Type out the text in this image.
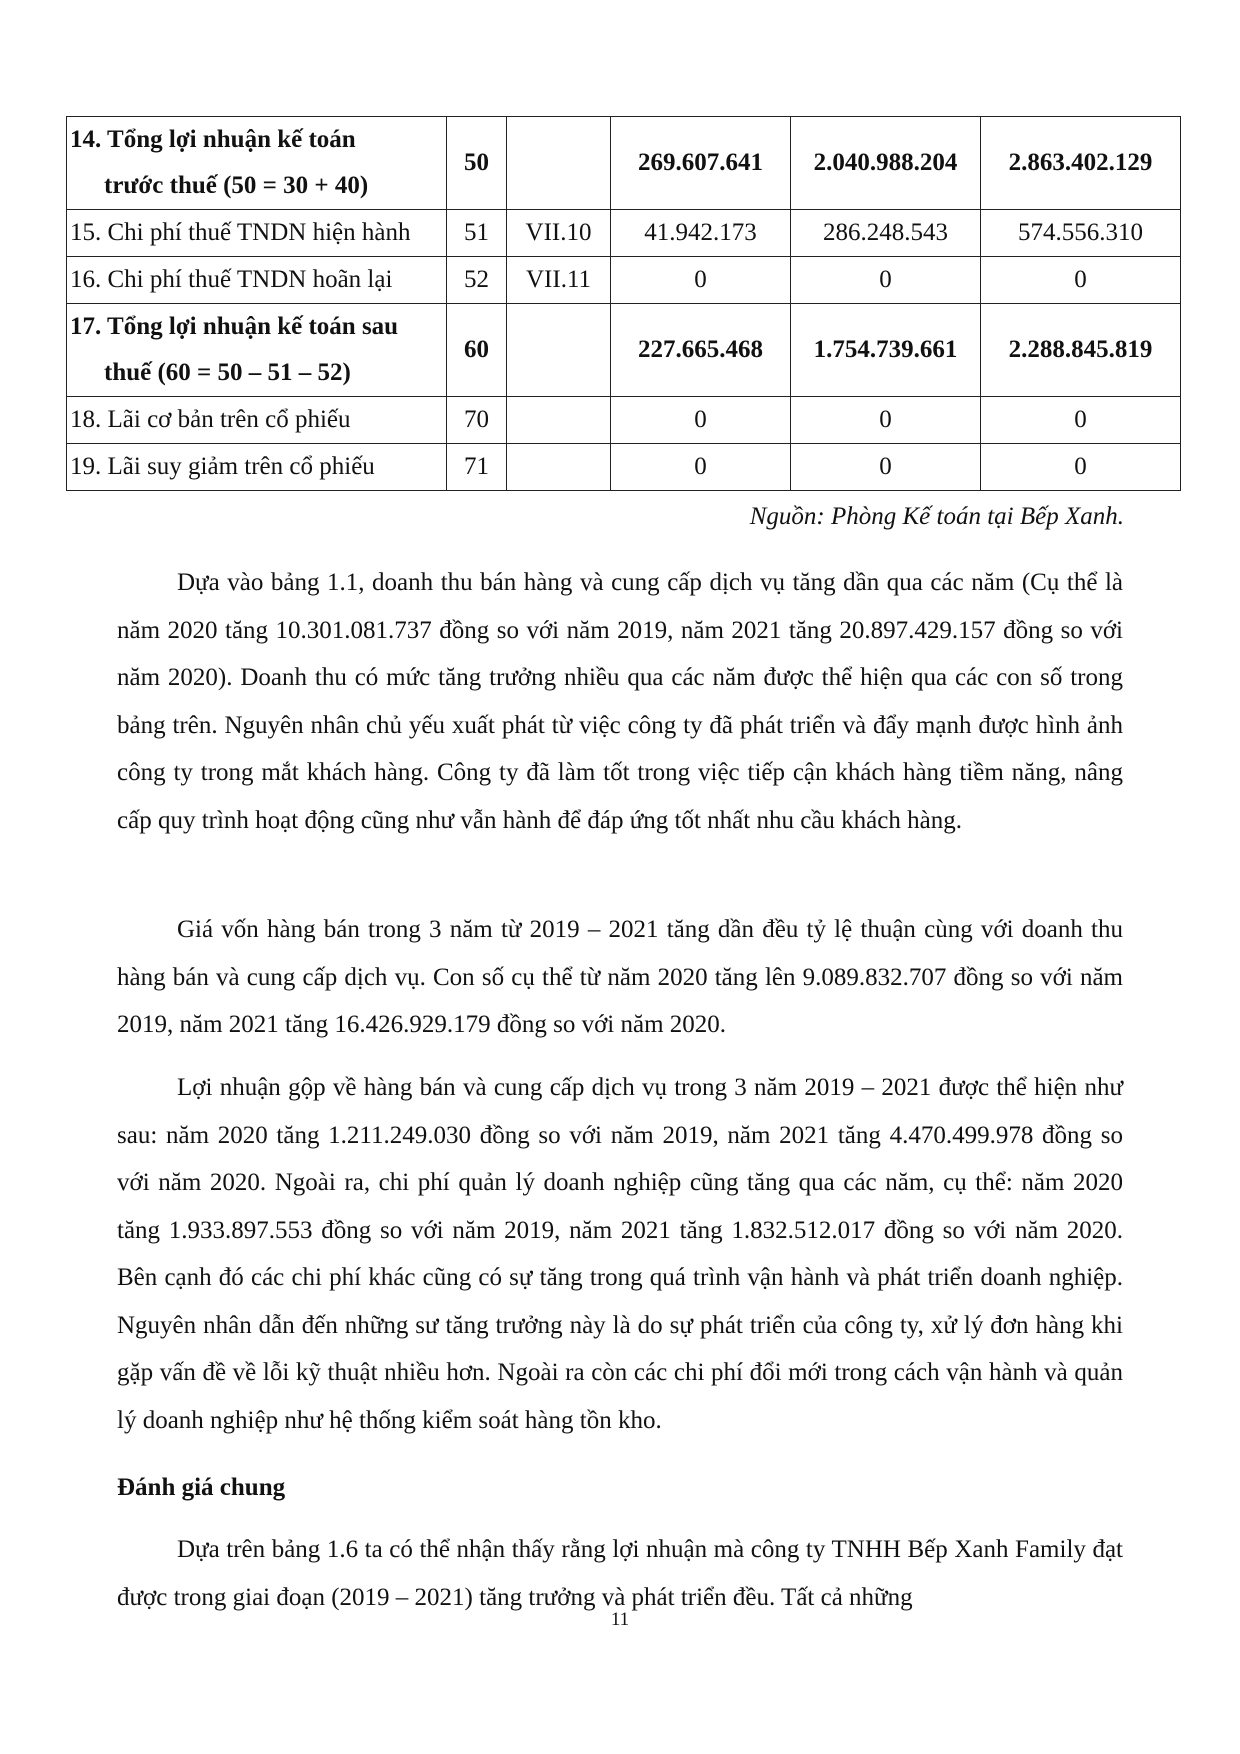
14. Tổng lợi nhuận kế toán
trước thuế (50 = 30 + 40)	50		269.607.641	2.040.988.204	2.863.402.129
15. Chi phí thuế TNDN hiện hành	51	VII.10	41.942.173	286.248.543	574.556.310
16. Chi phí thuế TNDN hoãn lại	52	VII.11	0	0	0
17. Tổng lợi nhuận kế toán sau
thuế (60 = 50 – 51 – 52)	60		227.665.468	1.754.739.661	2.288.845.819
18. Lãi cơ bản trên cổ phiếu	70		0	0	0
19. Lãi suy giảm trên cổ phiếu	71		0	0	0
Nguồn: Phòng Kế toán tại Bếp Xanh.

Dựa vào bảng 1.1, doanh thu bán hàng và cung cấp dịch vụ tăng dần qua các năm (Cụ thể là năm 2020 tăng 10.301.081.737 đồng so với năm 2019, năm 2021 tăng 20.897.429.157 đồng so với năm 2020). Doanh thu có mức tăng trưởng nhiều qua các năm được thể hiện qua các con số trong bảng trên. Nguyên nhân chủ yếu xuất phát từ việc công ty đã phát triển và đẩy mạnh được hình ảnh công ty trong mắt khách hàng. Công ty đã làm tốt trong việc tiếp cận khách hàng tiềm năng, nâng cấp quy trình hoạt động cũng như vẫn hành để đáp ứng tốt nhất nhu cầu khách hàng.

Giá vốn hàng bán trong 3 năm từ 2019 – 2021 tăng dần đều tỷ lệ thuận cùng với doanh thu hàng bán và cung cấp dịch vụ. Con số cụ thể từ năm 2020 tăng lên 9.089.832.707 đồng so với năm 2019, năm 2021 tăng 16.426.929.179 đồng so với năm 2020.

Lợi nhuận gộp về hàng bán và cung cấp dịch vụ trong 3 năm 2019 – 2021 được thể hiện như sau: năm 2020 tăng 1.211.249.030 đồng so với năm 2019, năm 2021 tăng 4.470.499.978 đồng so với năm 2020. Ngoài ra, chi phí quản lý doanh nghiệp cũng tăng qua các năm, cụ thể: năm 2020 tăng 1.933.897.553 đồng so với năm 2019, năm 2021 tăng 1.832.512.017 đồng so với năm 2020. Bên cạnh đó các chi phí khác cũng có sự tăng trong quá trình vận hành và phát triển doanh nghiệp. Nguyên nhân dẫn đến những sư tăng trưởng này là do sự phát triển của công ty, xử lý đơn hàng khi gặp vấn đề về lỗi kỹ thuật nhiều hơn. Ngoài ra còn các chi phí đổi mới trong cách vận hành và quản lý doanh nghiệp như hệ thống kiểm soát hàng tồn kho.

Đánh giá chung

Dựa trên bảng 1.6 ta có thể nhận thấy rằng lợi nhuận mà công ty TNHH Bếp Xanh Family đạt được trong giai đoạn (2019 – 2021) tăng trưởng và phát triển đều. Tất cả những

11
